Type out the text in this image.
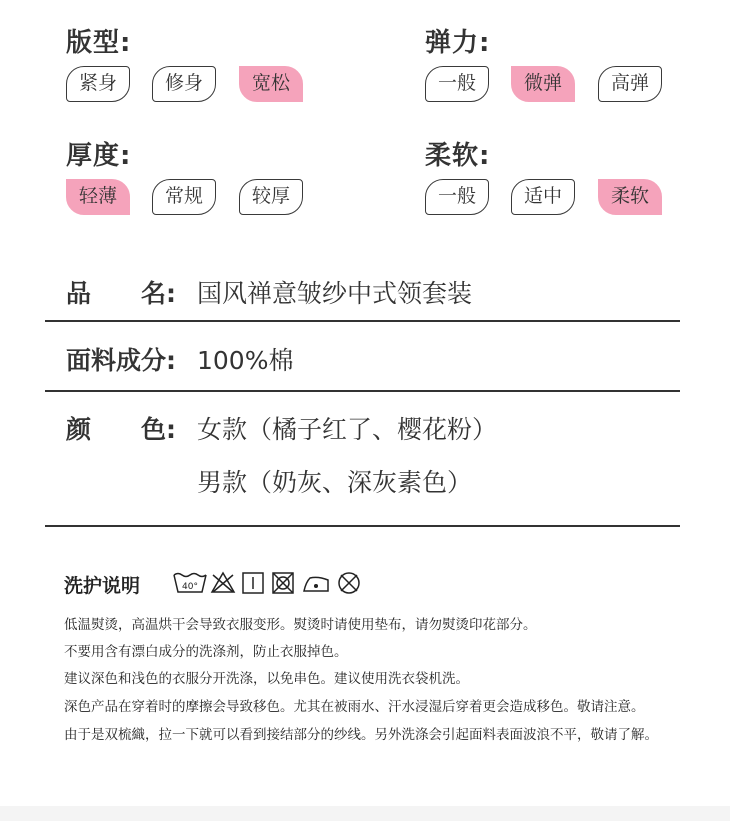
版型:
紧身	修身	宽松
弹力:
一般	微弹	高弹
厚度:
轻薄	常规	较厚
柔软:
一般	适中	柔软
品　　名: 国风禅意皱纱中式领套装
面料成分: 100%棉
颜　　色: 女款（橘子红了、樱花粉）
男款（奶灰、深灰素色）
洗护说明	40°
低温熨烫，高温烘干会导致衣服变形。熨烫时请使用垫布，请勿熨烫印花部分。
不要用含有漂白成分的洗涤剂，防止衣服掉色。
建议深色和浅色的衣服分开洗涤，以免串色。建议使用洗衣袋机洗。
深色产品在穿着时的摩擦会导致移色。尤其在被雨水、汗水浸湿后穿着更会造成移色。敬请注意。
由于是双梳織，拉一下就可以看到接结部分的纱线。另外洗涤会引起面料表面波浪不平，敬请了解。
